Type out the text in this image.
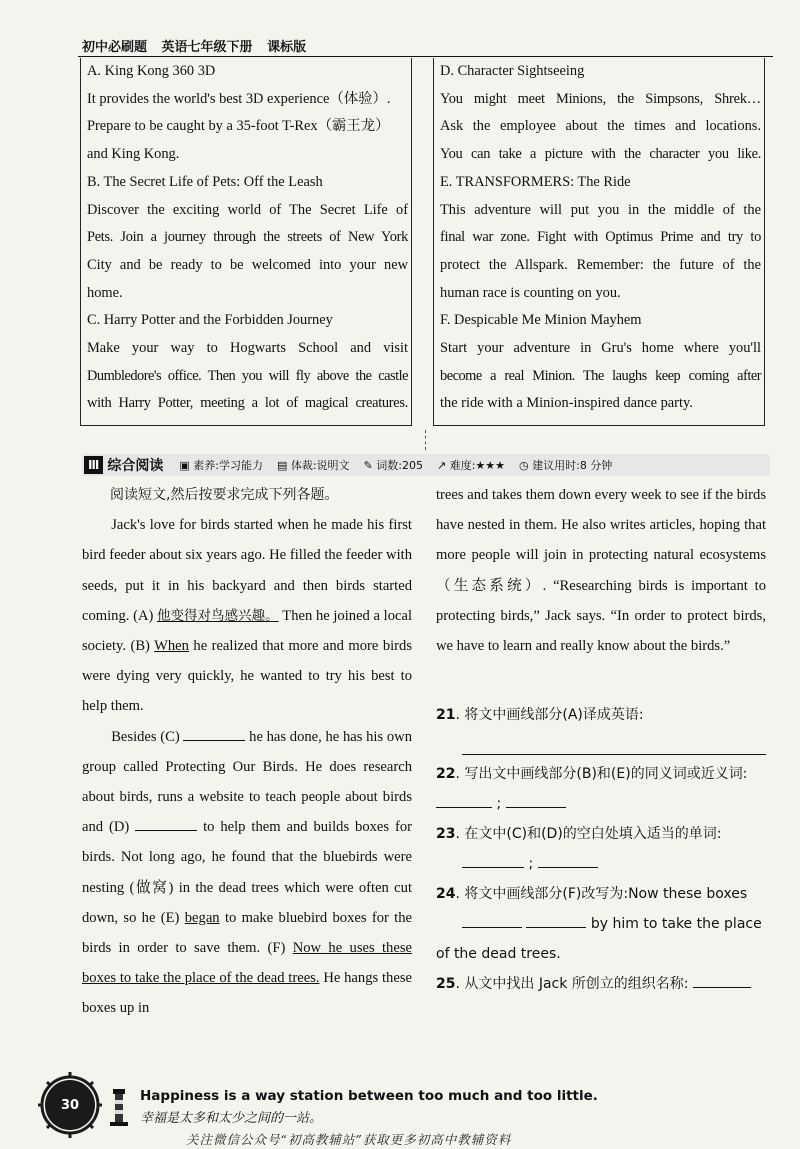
初中必刷题 英语七年级下册 课标版

A. King Kong 360 3D

It provides the world's best 3D experience（体验）.

Prepare to be caught by a 35-foot T-Rex（霸王龙）

and King Kong.

B. The Secret Life of Pets: Off the Leash

Discover the exciting world of The Secret Life of

Pets. Join a journey through the streets of New York

City and be ready to be welcomed into your new

home.

C. Harry Potter and the Forbidden Journey

Make your way to Hogwarts School and visit

Dumbledore's office. Then you will fly above the castle

with Harry Potter, meeting a lot of magical creatures.

D. Character Sightseeing

You might meet Minions, the Simpsons, Shrek…

Ask the employee about the times and locations.

You can take a picture with the character you like.

E. TRANSFORMERS: The Ride

This adventure will put you in the middle of the

final war zone. Fight with Optimus Prime and try to

protect the Allspark. Remember: the future of the

human race is counting on you.

F. Despicable Me Minion Mayhem

Start your adventure in Gru's home where you'll

become a real Minion. The laughs keep coming after

the ride with a Minion-inspired dance party.

Ⅲ 综合阅读 ▣ 素养:学习能力 ▤ 体裁:说明文 ✎ 词数:205 ↗ 难度:★★★ ◷ 建议用时:8 分钟

阅读短文,然后按要求完成下列各题。

Jack's love for birds started when he made his first bird feeder about six years ago. He filled the feeder with seeds, put it in his backyard and then birds started coming. (A) 他变得对鸟感兴趣。 Then he joined a local society. (B) When he realized that more and more birds were dying very quickly, he wanted to try his best to help them.

Besides (C)	he has done, he has his own group called Protecting Our Birds. He does research about birds, runs a website to teach people about birds and (D)	to help them and builds boxes for birds. Not long ago, he found that the bluebirds were nesting (做窝) in the dead trees which were often cut down, so he (E) began to make bluebird boxes for the birds in order to save them. (F) Now he uses these boxes to take the place of the dead trees. He hangs these boxes up in

trees and takes them down every week to see if the birds have nested in them. He also writes articles, hoping that more people will join in protecting natural ecosystems（生态系统）. “Researching birds is important to protecting birds,” Jack says. “In order to protect birds, we have to learn and really know about the birds.”

21. 将文中画线部分(A)译成英语:
22. 写出文中画线部分(B)和(E)的同义词或近义词:  ;
23. 在文中(C)和(D)的空白处填入适当的单词:
;
24. 将文中画线部分(F)改写为:Now these boxes
by him to take the place of the dead trees.
25. 从文中找出 Jack 所创立的组织名称:
30
Happiness is a way station between too much and too little.
幸福是太多和太少之间的一站。
关注微信公众号“初高教辅站”获取更多初高中教辅资料
